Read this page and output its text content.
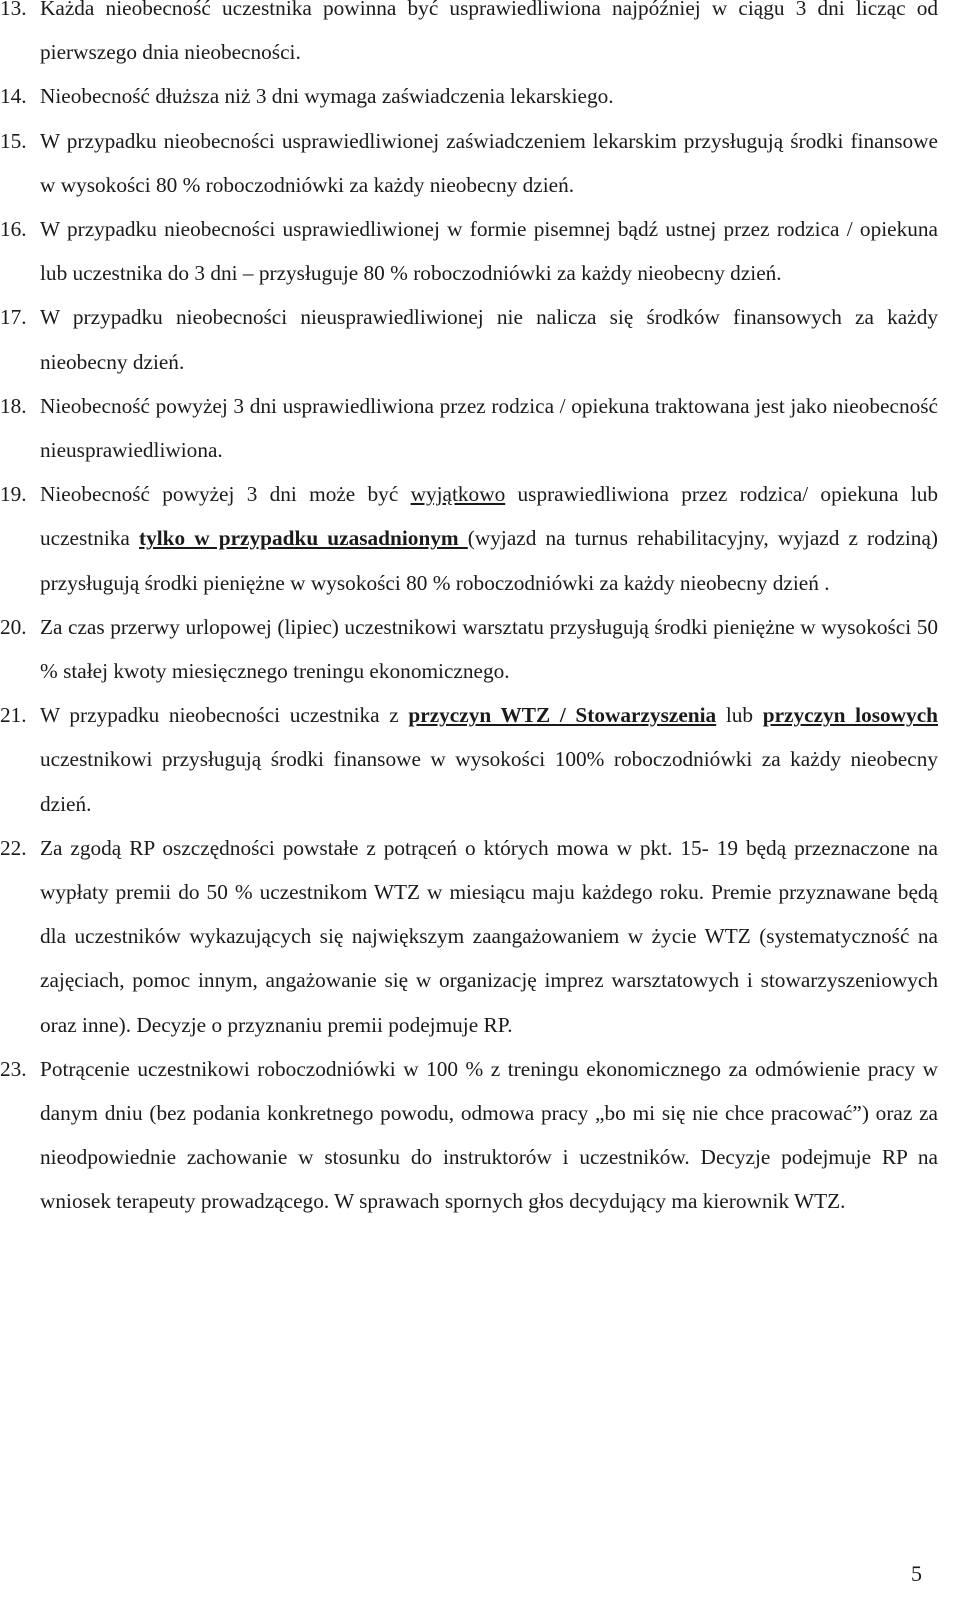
13. Każda nieobecność uczestnika powinna być usprawiedliwiona najpóźniej w ciągu 3 dni licząc od pierwszego dnia nieobecności.
14. Nieobecność dłuższa niż 3 dni wymaga zaświadczenia lekarskiego.
15. W przypadku nieobecności usprawiedliwionej zaświadczeniem lekarskim przysługują środki finansowe w wysokości 80 % roboczodniówki za każdy nieobecny dzień.
16. W przypadku nieobecności usprawiedliwionej w formie pisemnej bądź ustnej przez rodzica / opiekuna lub uczestnika do 3 dni – przysługuje 80 % roboczodniówki za każdy nieobecny dzień.
17. W przypadku nieobecności nieusprawiedliwionej nie nalicza się środków finansowych za każdy nieobecny dzień.
18. Nieobecność powyżej 3 dni usprawiedliwiona przez rodzica / opiekuna traktowana jest jako nieobecność nieusprawiedliwiona.
19. Nieobecność powyżej 3 dni może być wyjątkowo usprawiedliwiona przez rodzica/ opiekuna lub uczestnika tylko w przypadku uzasadnionym (wyjazd na turnus rehabilitacyjny, wyjazd z rodziną) przysługują środki pieniężne w wysokości 80 % roboczodniówki za każdy nieobecny dzień .
20. Za czas przerwy urlopowej (lipiec) uczestnikowi warsztatu przysługują środki pieniężne w wysokości 50 % stałej kwoty miesięcznego treningu ekonomicznego.
21. W przypadku nieobecności uczestnika z przyczyn WTZ / Stowarzyszenia lub przyczyn losowych uczestnikowi przysługują środki finansowe w wysokości 100% roboczodniówki za każdy nieobecny dzień.
22. Za zgodą RP oszczędności powstałe z potrąceń o których mowa w pkt. 15- 19 będą przeznaczone na wypłaty premii do 50 % uczestnikom WTZ w miesiącu maju każdego roku. Premie przyznawane będą dla uczestników wykazujących się największym zaangażowaniem w życie WTZ (systematyczność na zajęciach, pomoc innym, angażowanie się w organizację imprez warsztatowych i stowarzyszeniowych oraz inne). Decyzje o przyznaniu premii podejmuje RP.
23. Potrącenie uczestnikowi roboczodniówki w 100 % z treningu ekonomicznego za odmówienie pracy w danym dniu (bez podania konkretnego powodu, odmowa pracy „bo mi się nie chce pracować”) oraz za nieodpowiednie zachowanie w stosunku do instruktorów i uczestników. Decyzje podejmuje RP na wniosek terapeuty prowadzącego. W sprawach spornych głos decydujący ma kierownik WTZ.
5
